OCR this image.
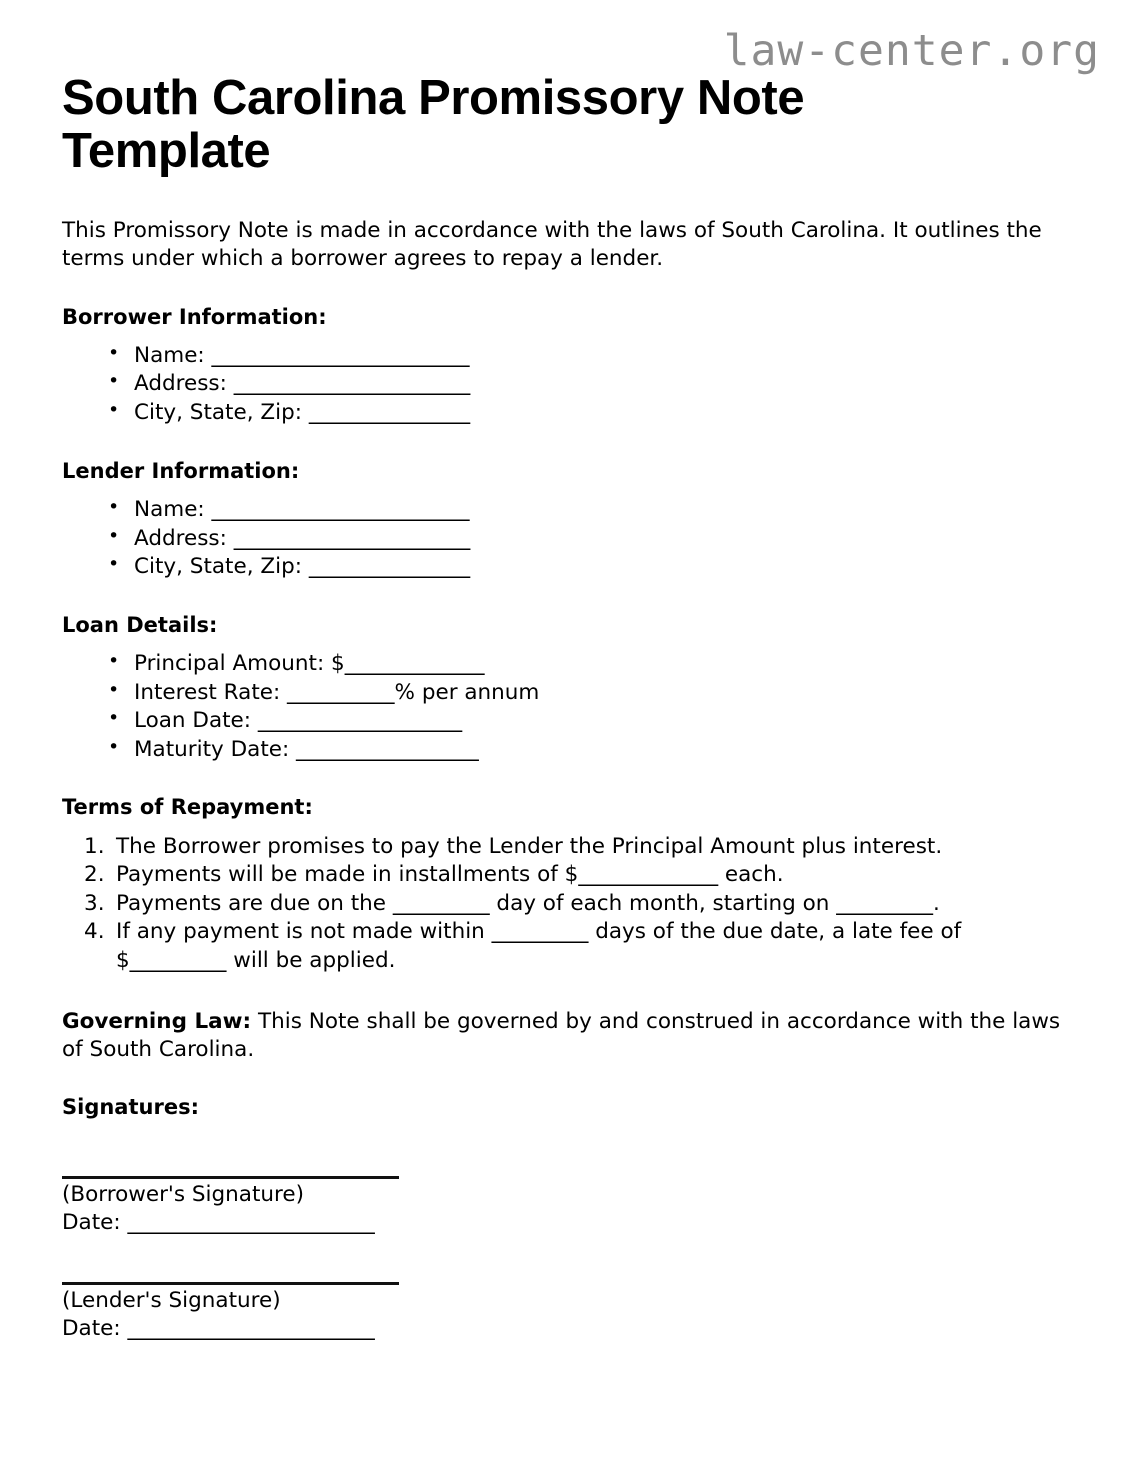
law-center.org
South Carolina Promissory Note Template

This Promissory Note is made in accordance with the laws of South Carolina. It outlines the terms under which a borrower agrees to repay a lender.

Borrower Information:
• Name: ________________________
• Address: ______________________
• City, State, Zip: _______________
Lender Information:
• Name: ________________________
• Address: ______________________
• City, State, Zip: _______________
Loan Details:
• Principal Amount: $_____________
• Interest Rate: __________% per annum
• Loan Date: ___________________
• Maturity Date: _________________
Terms of Repayment:
The Borrower promises to pay the Lender the Principal Amount plus interest.
Payments will be made in installments of $_____________ each.
Payments are due on the _________ day of each month, starting on _________.
If any payment is not made within _________ days of the due date, a late fee of $_________ will be applied.

Governing Law: This Note shall be governed by and construed in accordance with the laws of South Carolina.

Signatures:
(Borrower's Signature)
Date: _______________________
(Lender's Signature)
Date: _______________________
